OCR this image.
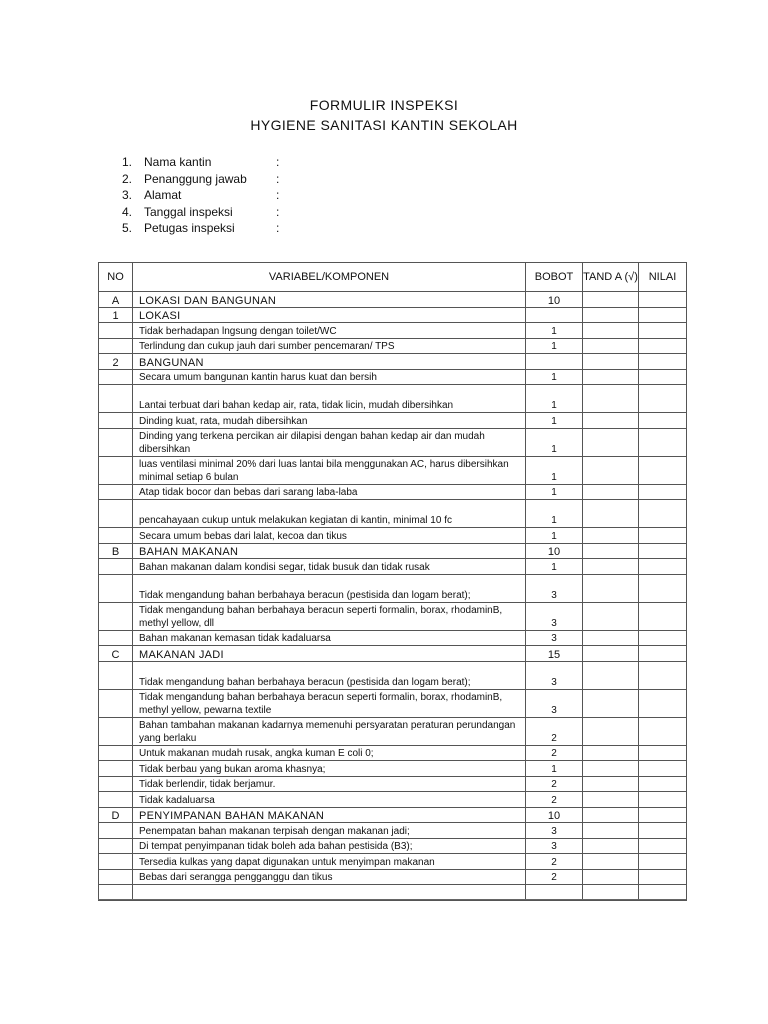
FORMULIR INSPEKSI
HYGIENE SANITASI KANTIN SEKOLAH
1. Nama kantin	:
2. Penanggung jawab :
3. Alamat	:
4. Tanggal inspeksi	:
5. Petugas inspeksi	:
NO	VARIABEL/KOMPONEN	BOBOT	TAND A (√)	NILAI
A	LOKASI DAN BANGUNAN	10		
1	LOKASI			
	Tidak berhadapan lngsung dengan toilet/WC	1		
	Terlindung dan cukup jauh dari sumber pencemaran/ TPS	1		
2	BANGUNAN			
	Secara umum bangunan kantin harus kuat dan bersih	1		
	Lantai terbuat dari bahan kedap air, rata, tidak licin, mudah dibersihkan	1		
	Dinding kuat, rata, mudah dibersihkan	1		
	Dinding yang terkena percikan air dilapisi dengan bahan kedap air dan mudah dibersihkan	1		
	luas ventilasi minimal 20% dari luas lantai bila menggunakan AC, harus dibersihkan minimal setiap 6 bulan	1		
	Atap tidak bocor dan bebas dari sarang laba-laba	1		
	pencahayaan cukup untuk melakukan kegiatan di kantin, minimal 10 fc	1		
	Secara umum bebas dari lalat, kecoa dan tikus	1		
B	BAHAN MAKANAN	10		
	Bahan makanan dalam kondisi segar, tidak busuk dan tidak rusak	1		
	Tidak mengandung bahan berbahaya beracun (pestisida dan logam berat);	3		
	Tidak mengandung bahan berbahaya beracun seperti formalin, borax, rhodaminB, methyl yellow, dll	3		
	Bahan makanan kemasan tidak kadaluarsa	3		
C	MAKANAN JADI	15		
	Tidak mengandung bahan berbahaya beracun (pestisida dan logam berat);	3		
	Tidak mengandung bahan berbahaya beracun seperti formalin, borax, rhodaminB, methyl yellow, pewarna textile	3		
	Bahan tambahan makanan kadarnya memenuhi persyaratan peraturan perundangan yang berlaku	2		
	Untuk makanan mudah rusak, angka kuman E coli 0;	2		
	Tidak berbau yang bukan aroma khasnya;	1		
	Tidak berlendir, tidak berjamur.	2		
	Tidak kadaluarsa	2		
D	PENYIMPANAN BAHAN MAKANAN	10		
	Penempatan bahan makanan terpisah dengan makanan jadi;	3		
	Di tempat penyimpanan tidak boleh ada bahan pestisida (B3);	3		
	Tersedia kulkas yang dapat digunakan untuk menyimpan makanan	2		
	Bebas dari serangga pengganggu dan tikus	2		
